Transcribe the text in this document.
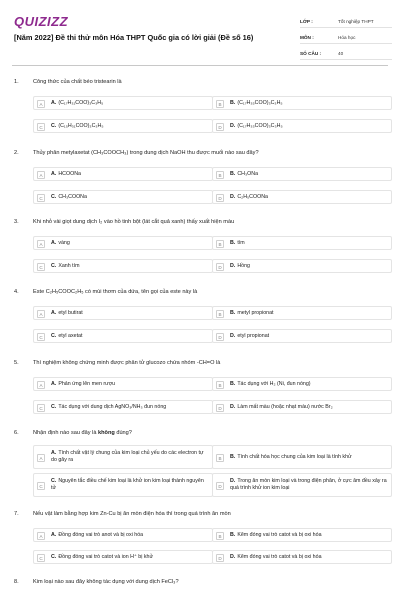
QUIZIZZ
[Năm 2022] Đề thi thử môn Hóa THPT Quốc gia có lời giải (Đề số 16)
LỚP :	Tốt nghiệp THPT
MÔN :	Hóa học
SỐ CÂU :	40
1.	Công thức của chất béo tristearin là
A	A. (C₁₇H₃₁COO)₃C₃H₅	B	B. (C₁₇H₃₅COO)₃C₃H₅
C	C. (C₁₅H₃₁COO)₃C₃H₅	D	D. (C₁₇H₃₃COO)₃C₃H₅
2.	Thủy phân metylaxetat (CH₃COOCH₃) trong dung dịch NaOH thu được muối nào sau đây?
A	A. HCOONa	B	B. CH₃ONa
C	C. CH₃COONa	D	D. C₂H₅COONa
3.	Khi nhỏ vài giọt dung dịch I₂ vào hồ tinh bột (lát cắt quả xanh) thấy xuất hiện màu
A	A. vàng	B	B. tím
C	C. Xanh tím	D	D. Hồng
4.	Este C₂H₅COOC₂H₅ có mùi thơm của dứa, tên gọi của este này là
A	A. etyl butirat	B	B. metyl propionat
C	C. etyl axetat	D	D. etyl propionat
5.	Thí nghiệm không chứng minh được phân tử glucozo chứa nhóm -CH=O là
A	A. Phản ứng lên men rượu	B	B. Tác dụng với H₂ (Ni, đun nóng)
C	C. Tác dụng với dung dịch AgNO₃/NH₃ đun nóng	D	D. Làm mất màu (hoặc nhạt màu) nước Br₂
6.	Nhận định nào sau đây là không đúng?
A
A. Tính chất vật lý chung của kim loại chủ yếu do các electron tự do gây ra	B	B. Tính chất hóa học chung của kim loại là tính khử
C
C. Nguyên tắc điều chế kim loại là khử ion kim loại thành nguyên tử	D
D. Trong ăn mòn kim loại và trong điện phân, ở cực âm đều xảy ra quá trình khử ion kim loại
7.	Nếu vật làm bằng hợp kim Zn-Cu bị ăn mòn điện hóa thì trong quá trình ăn mòn
A	A. Đồng đóng vai trò anot và bị oxi hóa	B	B. Kẽm đóng vai trò catot và bị oxi hóa
C	C. Đồng đóng vai trò catot và ion H⁺ bị khử	D	D. Kẽm đóng vai trò catot và bị oxi hóa
8.	Kim loại nào sau đây không tác dụng với dung dịch FeCl₃?
